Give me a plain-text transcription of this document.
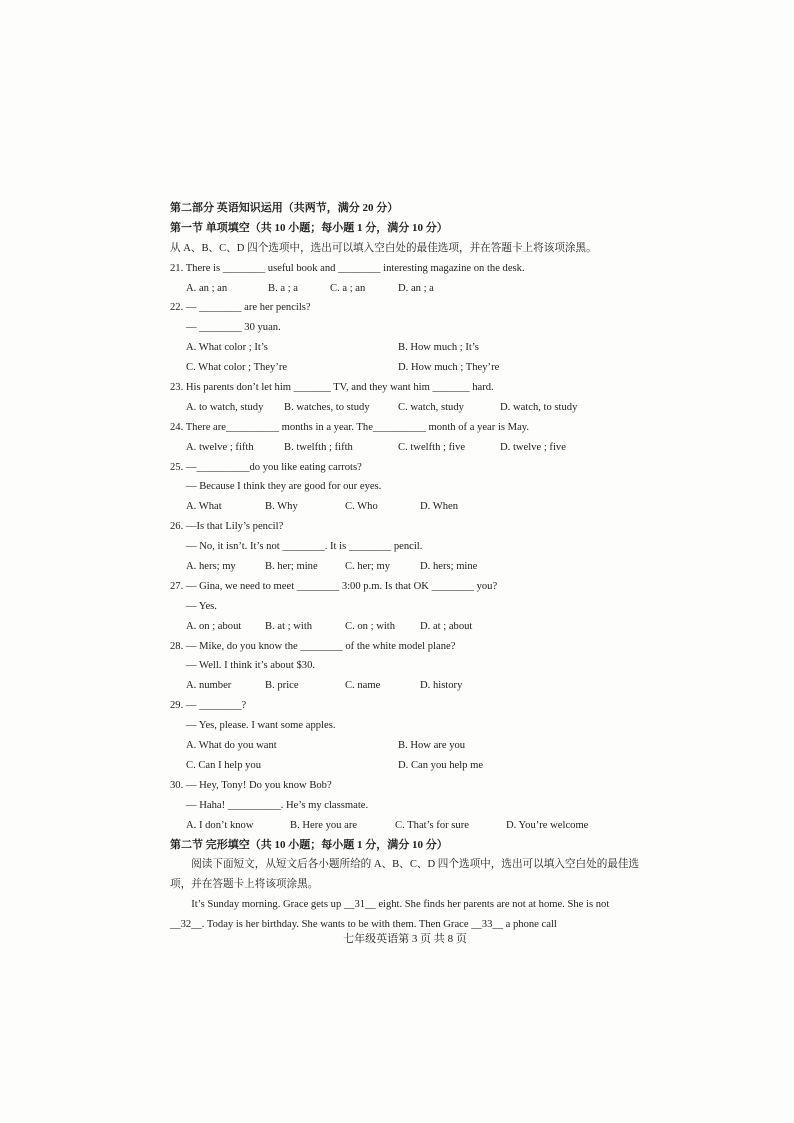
第二部分 英语知识运用（共两节，满分 20 分）
第一节 单项填空（共 10 小题；每小题 1 分，满分 10 分）
从 A、B、C、D 四个选项中，选出可以填入空白处的最佳选项，并在答题卡上将该项涂黑。
21. There is ________ useful book and ________ interesting magazine on the desk.
A. an ; an	B. a ; a	C. a ; an	D. an ; a
22. — ________ are her pencils?
— ________ 30 yuan.
A. What color ; It’s	B. How much ; It’s
C. What color ; They’re	D. How much ; They’re
23. His parents don’t let him _______ TV, and they want him _______ hard.
A. to watch, study B. watches, to study	C. watch, study	D. watch, to study
24. There are__________ months in a year. The__________ month of a year is May.
A. twelve ; fifth	B. twelfth ; fifth	C. twelfth ; five	D. twelve ; five
25. —__________do you like eating carrots?
— Because I think they are good for our eyes.
A. What	B. Why	C. Who	D. When
26. —Is that Lily’s pencil?
— No, it isn’t. It’s not ________. It is ________ pencil.
A. hers; my	B. her; mine	C. her; my	D. hers; mine
27. — Gina, we need to meet ________ 3:00 p.m. Is that OK ________ you?
— Yes.
A. on ; about B. at ; with	C. on ; with D. at ; about
28. — Mike, do you know the ________ of the white model plane?
— Well. I think it’s about $30.
A. number	B. price	C. name	D. history
29. — ________?
— Yes, please. I want some apples.
A. What do you want	B. How are you
C. Can I help you	D. Can you help me
30. — Hey, Tony! Do you know Bob?
— Haha! __________. He’s my classmate.
A. I don’t know	B. Here you are	C. That’s for sure	D. You’re welcome
第二节 完形填空（共 10 小题；每小题 1 分，满分 10 分）
阅读下面短文，从短文后各小题所给的 A、B、C、D 四个选项中，选出可以填入空白处的最佳选项，并在答题卡上将该项涂黑。
It’s Sunday morning. Grace gets up __31__ eight. She finds her parents are not at home. She is not __32__. Today is her birthday. She wants to be with them. Then Grace __33__ a phone call
七年级英语第 3 页 共 8 页
